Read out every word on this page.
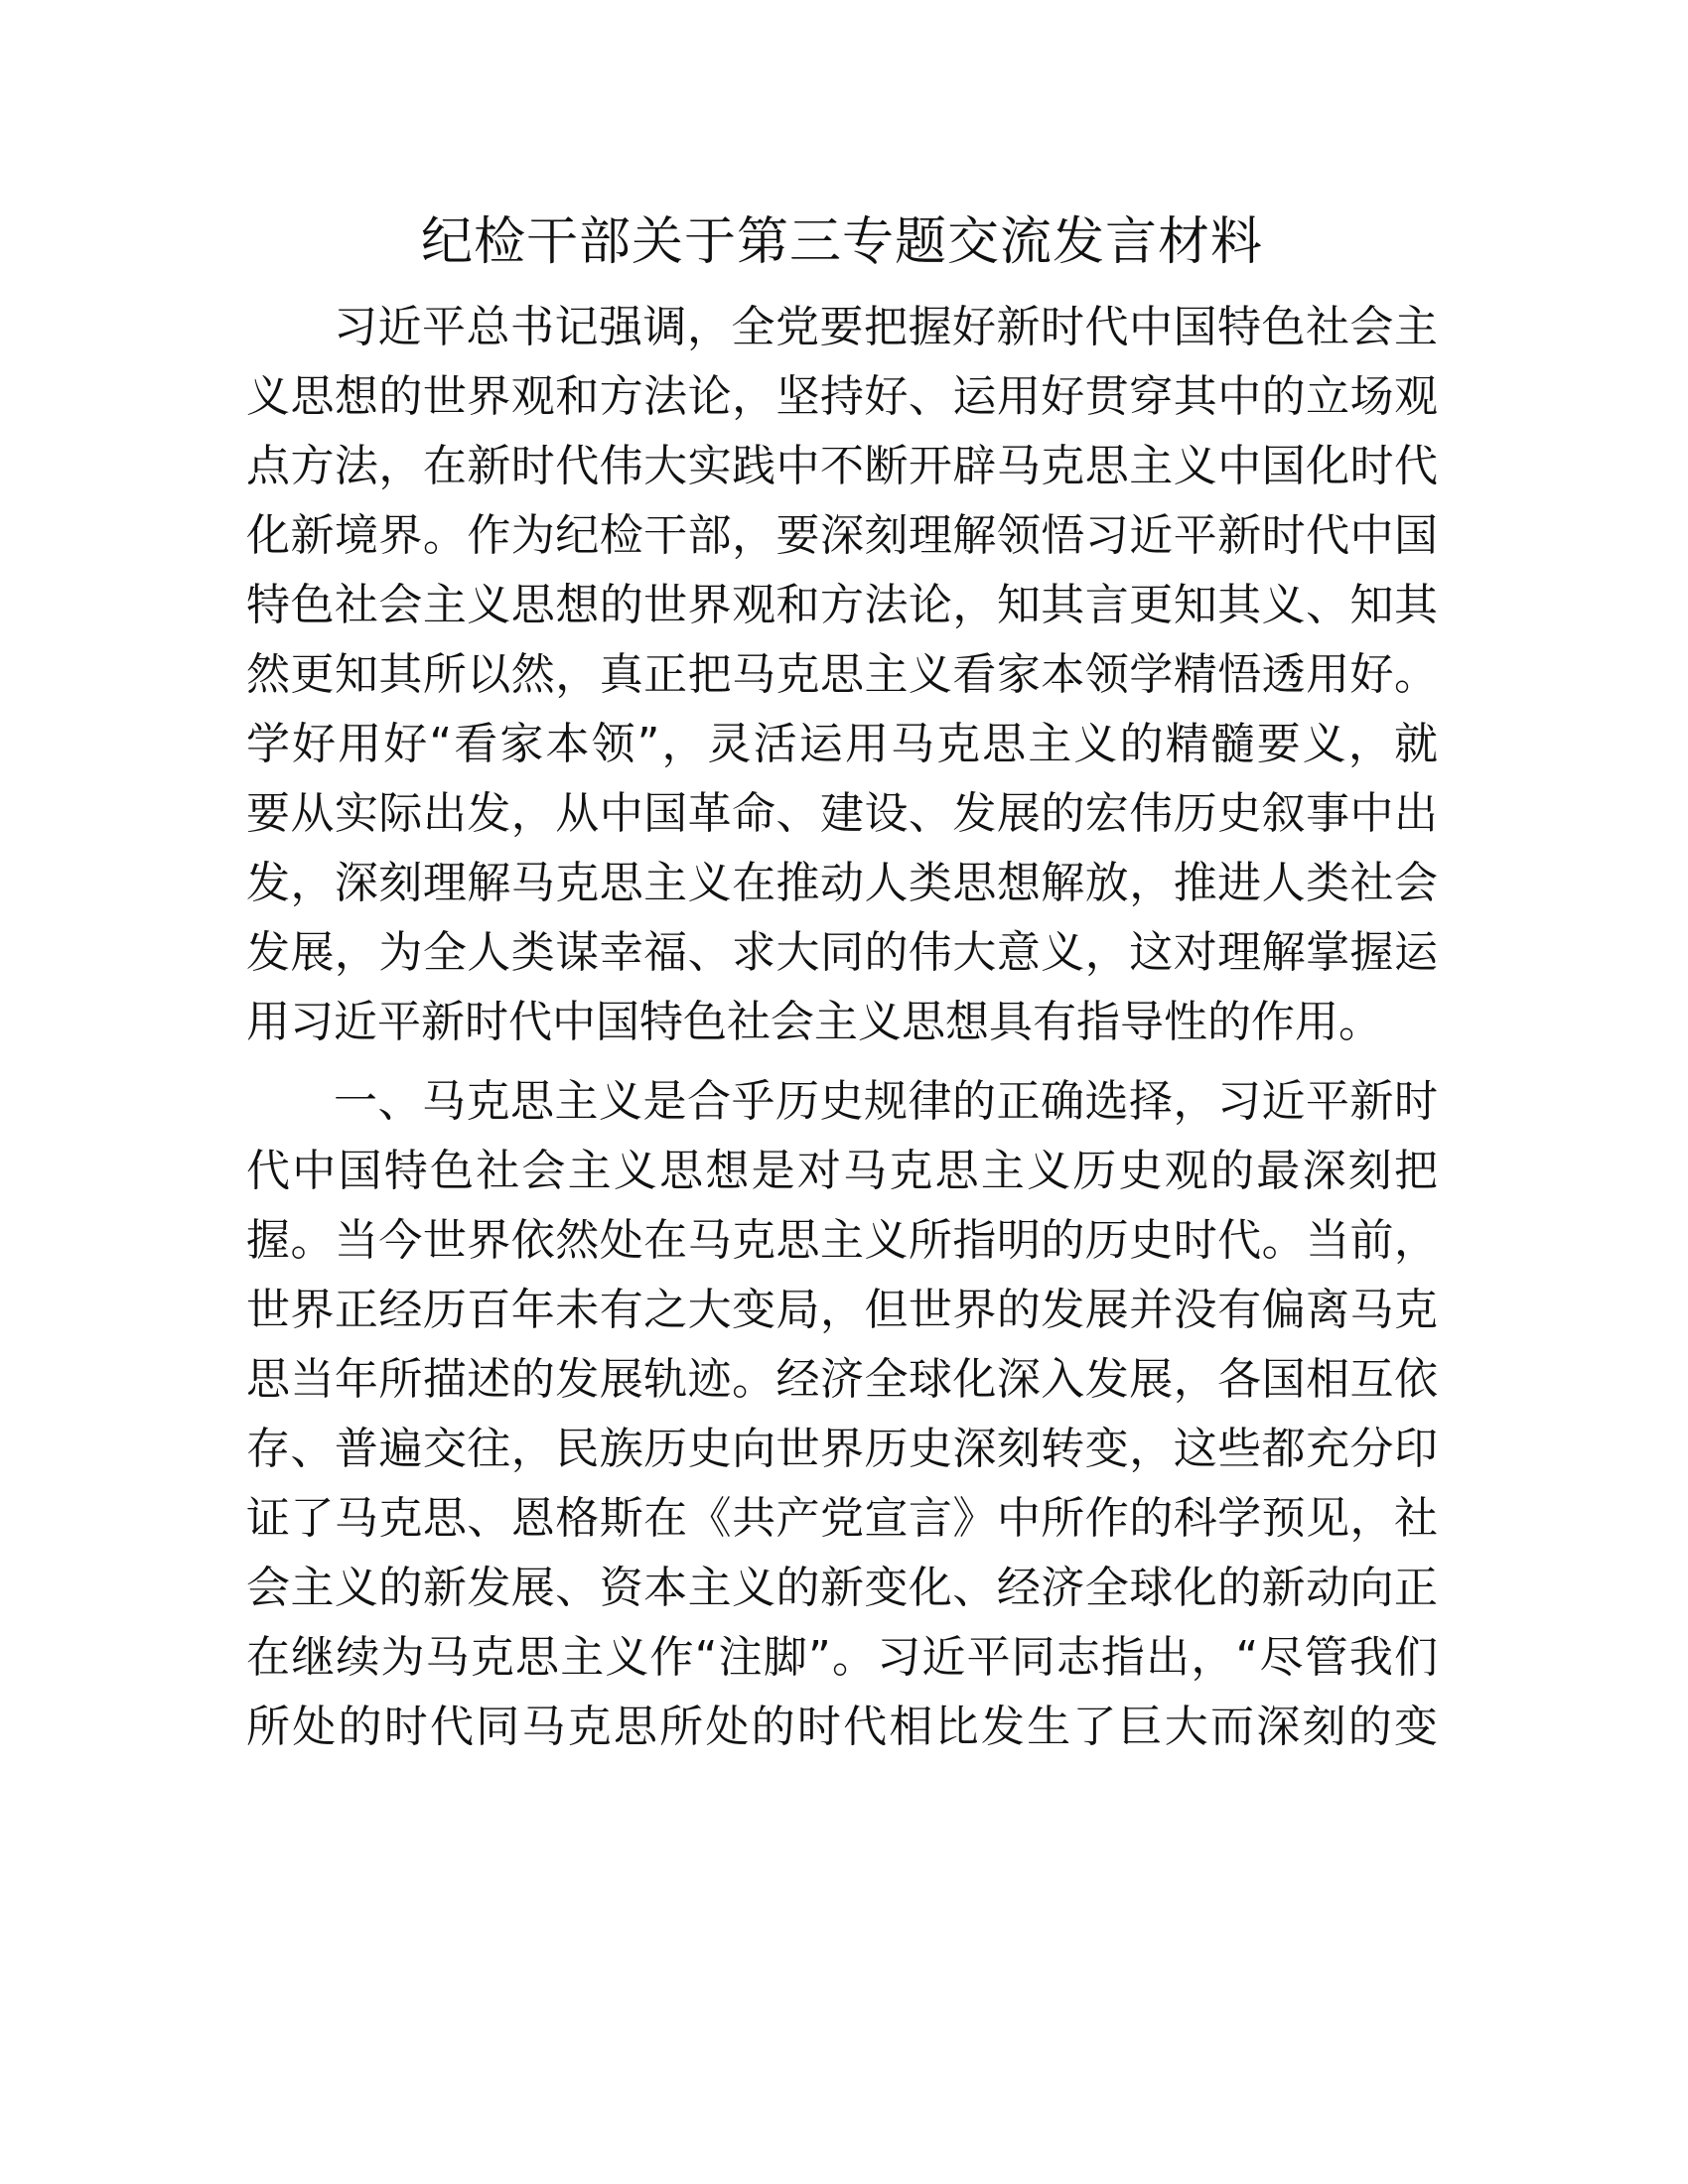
纪检干部关于第三专题交流发言材料
习近平总书记强调，全党要把握好新时代中国特色社会主
义思想的世界观和方法论，坚持好、运用好贯穿其中的立场观
点方法，在新时代伟大实践中不断开辟马克思主义中国化时代
化新境界。作为纪检干部，要深刻理解领悟习近平新时代中国
特色社会主义思想的世界观和方法论，知其言更知其义、知其
然更知其所以然，真正把马克思主义看家本领学精悟透用好。
学好用好“看家本领”，灵活运用马克思主义的精髓要义，就
要从实际出发，从中国革命、建设、发展的宏伟历史叙事中出
发，深刻理解马克思主义在推动人类思想解放，推进人类社会
发展，为全人类谋幸福、求大同的伟大意义，这对理解掌握运
用习近平新时代中国特色社会主义思想具有指导性的作用。
一、马克思主义是合乎历史规律的正确选择，习近平新时
代中国特色社会主义思想是对马克思主义历史观的最深刻把
握。当今世界依然处在马克思主义所指明的历史时代。当前，
世界正经历百年未有之大变局，但世界的发展并没有偏离马克
思当年所描述的发展轨迹。经济全球化深入发展，各国相互依
存、普遍交往，民族历史向世界历史深刻转变，这些都充分印
证了马克思、恩格斯在《共产党宣言》中所作的科学预见，社
会主义的新发展、资本主义的新变化、经济全球化的新动向正
在继续为马克思主义作“注脚”。习近平同志指出，“尽管我们
所处的时代同马克思所处的时代相比发生了巨大而深刻的变
